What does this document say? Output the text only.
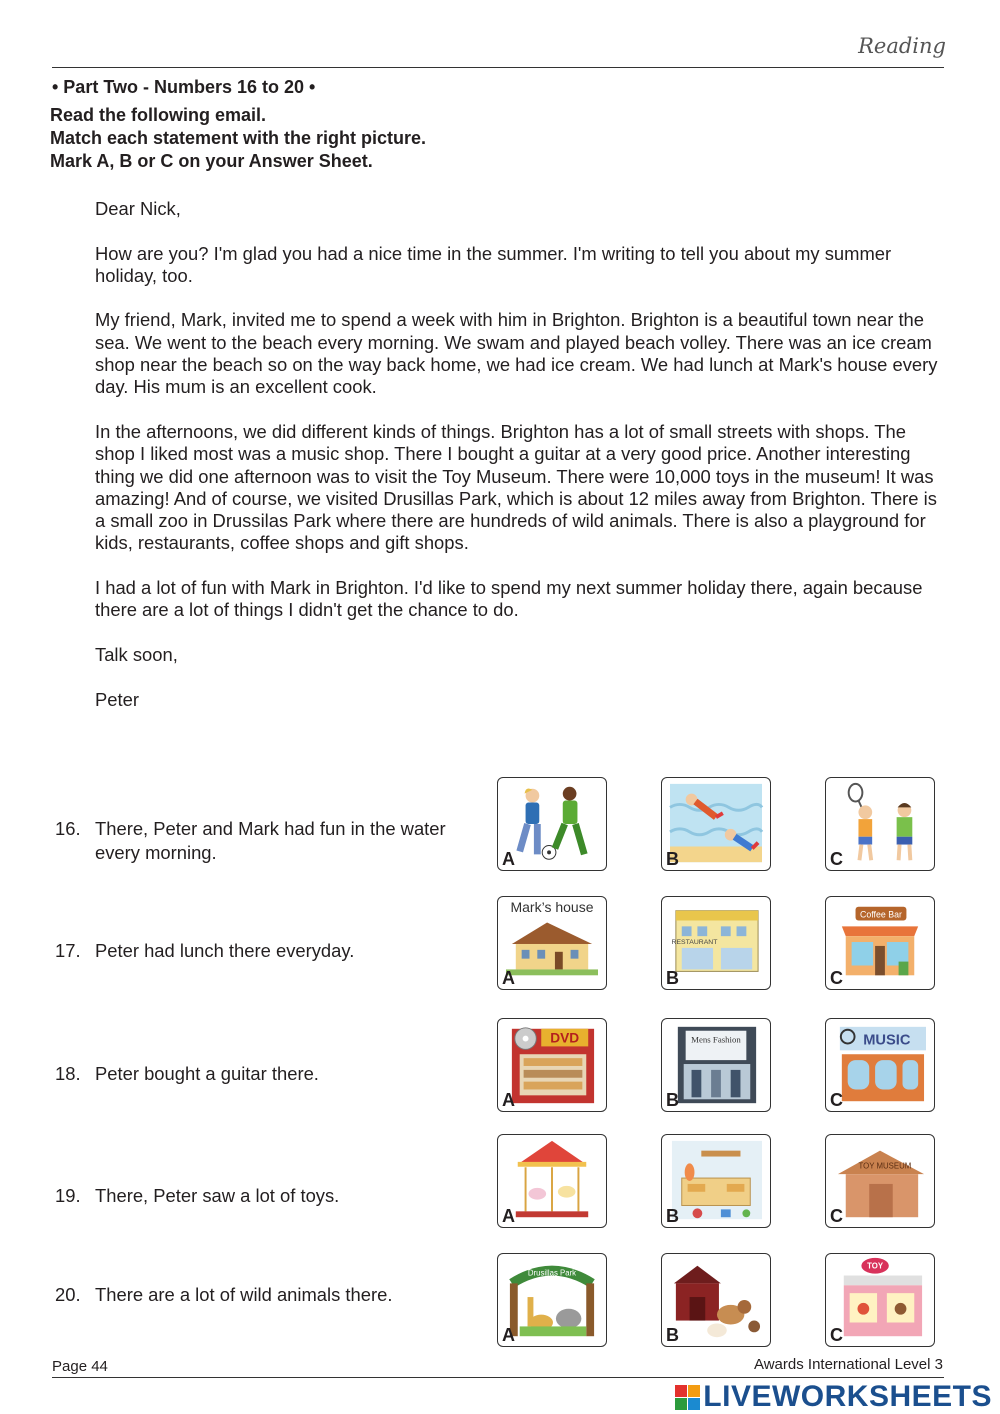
Reading
• Part Two - Numbers 16 to 20 •
Read the following email.
Match each statement with the right picture.
Mark A, B or C on your Answer Sheet.

Dear Nick,

How are you? I'm glad you had a nice time in the summer. I'm writing to tell you about my summer holiday, too.

My friend, Mark, invited me to spend a week with him in Brighton. Brighton is a beautiful town near the sea. We went to the beach every morning. We swam and played beach volley. There was an ice cream shop near the beach so on the way back home, we had ice cream. We had lunch at Mark's house every day. His mum is an excellent cook.

In the afternoons, we did different kinds of things. Brighton has a lot of small streets with shops. The shop I liked most was a music shop. There I bought a guitar at a very good price. Another interesting thing we did one afternoon was to visit the Toy Museum. There were 10,000 toys in the museum! It was amazing! And of course, we visited Drusillas Park, which is about 12 miles away from Brighton. There is a small zoo in Drussilas Park where there are hundreds of wild animals. There is also a playground for kids, restaurants, coffee shops and gift shops.

I had a lot of fun with Mark in Brighton. I'd like to spend my next summer holiday there, again because there are a lot of things I didn't get the chance to do.

Talk soon,

Peter

16. There, Peter and Mark had fun in the water every morning.	A	B	C
17. Peter had lunch there everyday.
Mark’s house
A
RESTAURANT
B
Coffee Bar
C
18. Peter bought a guitar there.
DVD
A
Mens Fashion
B
MUSIC
C
19. There, Peter saw a lot of toys.
A	B
TOY MUSEUM
C
20. There are a lot of wild animals there.
Drusillas Park
A	B
TOY
C
Page 44	Awards International Level 3
LIVEWORKSHEETS
